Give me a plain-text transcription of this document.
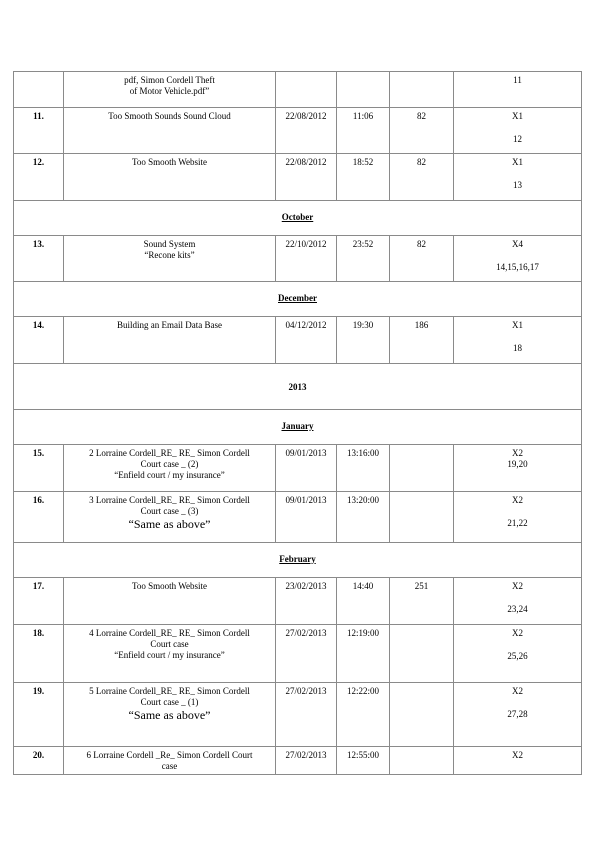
	pdf, Simon Cordell Theft
of Motor Vehicle.pdf”				11

11.	Too Smooth Sounds Sound Cloud	22/08/2012	11:06	82	X1
12

12.	Too Smooth Website	22/08/2012	18:52	82	X1
13

October					
13.	Sound System
“Recone kits”	22/10/2012	23:52	82	X4
14,15,16,17

December					
14.	Building an Email Data Base	04/12/2012	19:30	186	X1
18

2013					
January					
15.	2 Lorraine Cordell_RE_ RE_ Simon Cordell
Court case _ (2)
“Enfield court / my insurance”	09/01/2013	13:16:00		X2
19,20

16.	3 Lorraine Cordell_RE_ RE_ Simon Cordell
Court case _ (3)
“Same as above”	09/01/2013	13:20:00		X2
21,22

February					
17.	Too Smooth Website	23/02/2013	14:40	251	X2
23,24

18.	4 Lorraine Cordell_RE_ RE_ Simon Cordell
Court case
“Enfield court / my insurance”	27/02/2013	12:19:00		X2
25,26

19.	5 Lorraine Cordell_RE_ RE_ Simon Cordell
Court case _ (1)
“Same as above”	27/02/2013	12:22:00		X2
27,28

20.	6 Lorraine Cordell _Re_ Simon Cordell Court
case	27/02/2013	12:55:00		X2
